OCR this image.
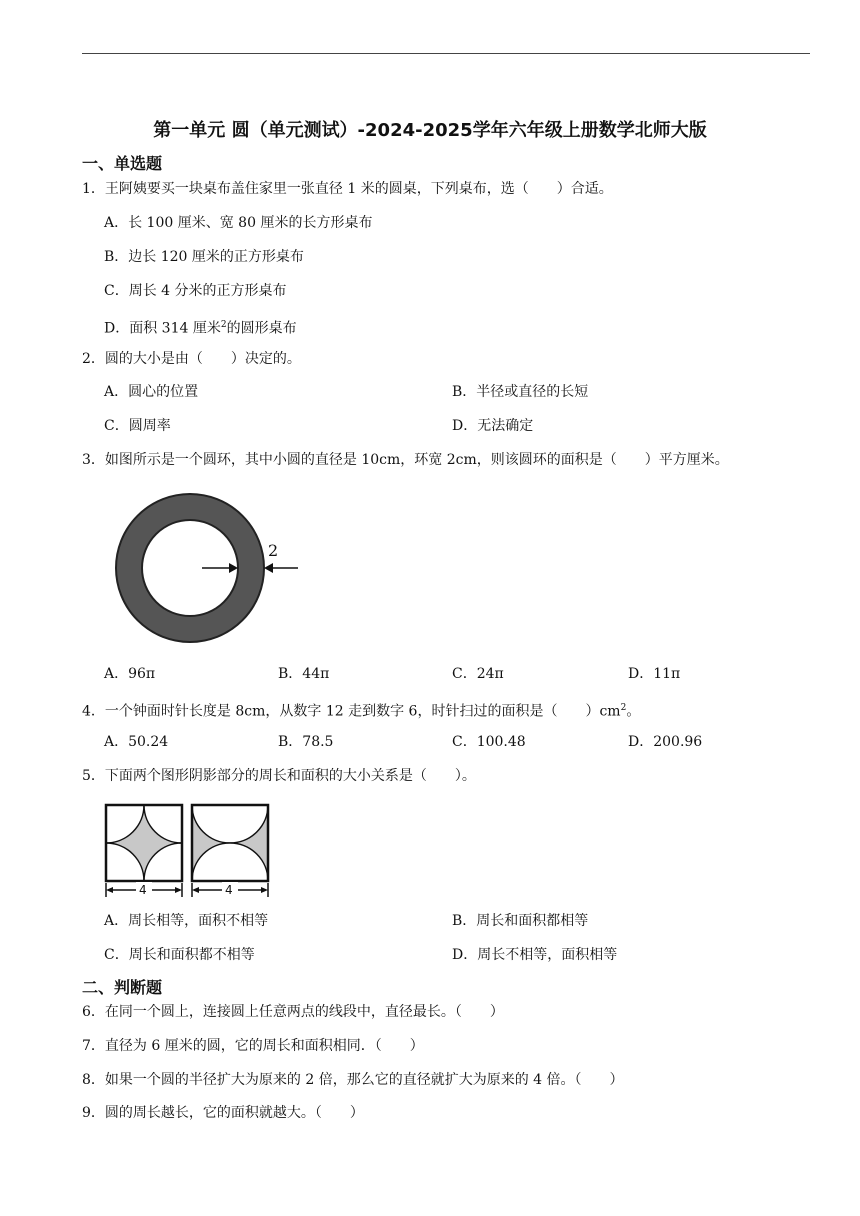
第一单元 圆（单元测试）-2024-2025学年六年级上册数学北师大版
一、单选题
1．王阿姨要买一块桌布盖住家里一张直径 1 米的圆桌，下列桌布，选（　　）合适。
A．长 100 厘米、宽 80 厘米的长方形桌布
B．边长 120 厘米的正方形桌布
C．周长 4 分米的正方形桌布
D．面积 314 厘米$^2$的圆形桌布
2．圆的大小是由（　　）决定的。
A．圆心的位置	B．半径或直径的长短
C．圆周率	D．无法确定
3．如图所示是一个圆环，其中小圆的直径是 10cm，环宽 2cm，则该圆环的面积是（　　）平方厘米。
2
A．96π	B．44π	C．24π	D．11π
4．一个钟面时针长度是 8cm，从数字 12 走到数字 6，时针扫过的面积是（　　）$cm^2$。
A．50.24	B．78.5	C．100.48	D．200.96
5．下面两个图形阴影部分的周长和面积的大小关系是（　　）。
4	4
A．周长相等，面积不相等	B．周长和面积都相等
C．周长和面积都不相等	D．周长不相等，面积相等
二、判断题
6．在同一个圆上，连接圆上任意两点的线段中，直径最长。（　　）
7．直径为 6 厘米的圆，它的周长和面积相同．（　　）
8．如果一个圆的半径扩大为原来的 2 倍，那么它的直径就扩大为原来的 4 倍。（　　）
9．圆的周长越长，它的面积就越大。（　　）
